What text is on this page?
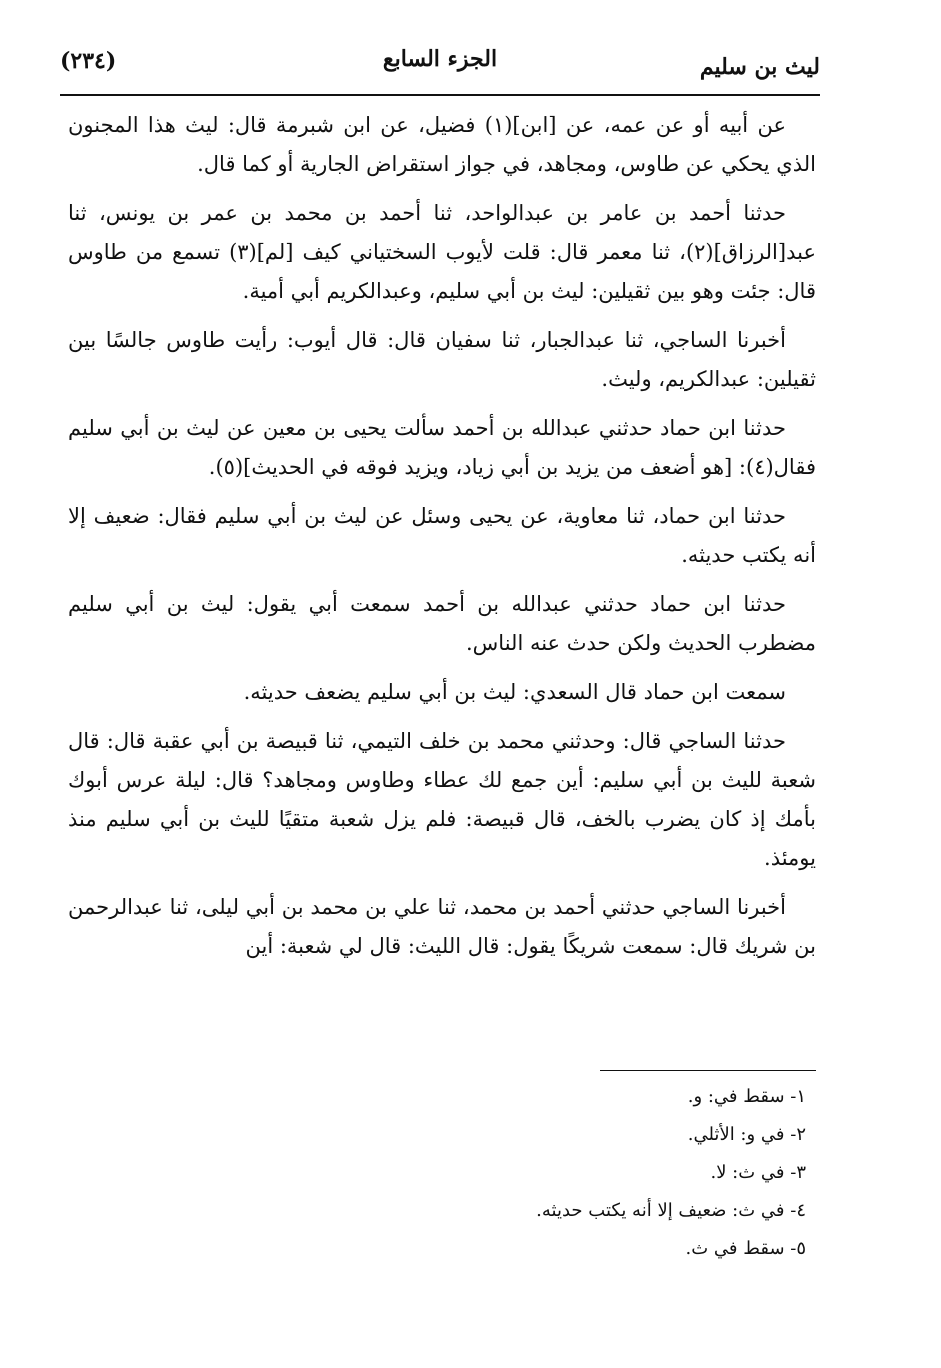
ليث بن سليم
الجزء السابع
(٢٣٤)

عن أبيه أو عن عمه، عن [ابن](١) فضيل، عن ابن شبرمة قال: ليث هذا المجنون الذي يحكي عن طاوس، ومجاهد، في جواز استقراض الجارية أو كما قال.

حدثنا أحمد بن عامر بن عبدالواحد، ثنا أحمد بن محمد بن عمر بن يونس، ثنا عبد[الرزاق](٢)، ثنا معمر قال: قلت لأيوب السختياني كيف [لم](٣) تسمع من طاوس قال: جئت وهو بين ثقيلين: ليث بن أبي سليم، وعبدالكريم أبي أمية.

أخبرنا الساجي، ثنا عبدالجبار، ثنا سفيان قال: قال أيوب: رأيت طاوس جالسًا بين ثقيلين: عبدالكريم، وليث.

حدثنا ابن حماد حدثني عبدالله بن أحمد سألت يحيى بن معين عن ليث بن أبي سليم فقال(٤): [هو أضعف من يزيد بن أبي زياد، ويزيد فوقه في الحديث](٥).

حدثنا ابن حماد، ثنا معاوية، عن يحيى وسئل عن ليث بن أبي سليم فقال: ضعيف إلا أنه يكتب حديثه.

حدثنا ابن حماد حدثني عبدالله بن أحمد سمعت أبي يقول: ليث بن أبي سليم مضطرب الحديث ولكن حدث عنه الناس.

سمعت ابن حماد قال السعدي: ليث بن أبي سليم يضعف حديثه.

حدثنا الساجي قال: وحدثني محمد بن خلف التيمي، ثنا قبيصة بن أبي عقبة قال: قال شعبة لليث بن أبي سليم: أين جمع لك عطاء وطاوس ومجاهد؟ قال: ليلة عرس أبوك بأمك إذ كان يضرب بالخف، قال قبيصة: فلم يزل شعبة متقيًا لليث بن أبي سليم منذ يومئذ.

أخبرنا الساجي حدثني أحمد بن محمد، ثنا علي بن محمد بن أبي ليلى، ثنا عبدالرحمن بن شريك قال: سمعت شريكًا يقول: قال الليث: قال لي شعبة: أين

١- سقط في: و.
٢- في و: الأثلي.
٣- في ث: لا.
٤- في ث: ضعيف إلا أنه يكتب حديثه.
٥- سقط في ث.
